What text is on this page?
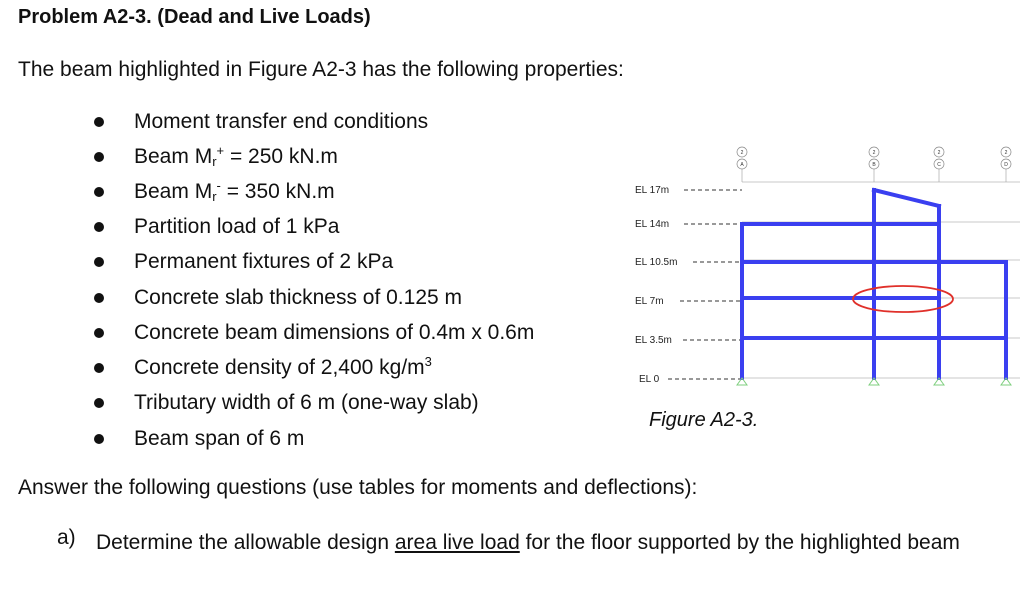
Problem A2-3. (Dead and Live Loads)
The beam highlighted in Figure A2-3 has the following properties:
Moment transfer end conditions
Beam $M_r^+ = 250$ kN.m
Beam $M_r^- = 350$ kN.m
Partition load of 1 kPa
Permanent fixtures of 2 kPa
Concrete slab thickness of 0.125 m
Concrete beam dimensions of 0.4m x 0.6m
Concrete density of 2,400 $kg/m^3$
Tributary width of 6 m (one-way slab)
Beam span of 6 m
EL 17m
EL 14m
EL 10.5m
EL 7m
EL 3.5m
EL 0
2
A
2
B
2
C
2
D
Figure A2-3.
Answer the following questions (use tables for moments and deflections):
a) Determine the allowable design area live load for the floor supported by the highlighted beam
